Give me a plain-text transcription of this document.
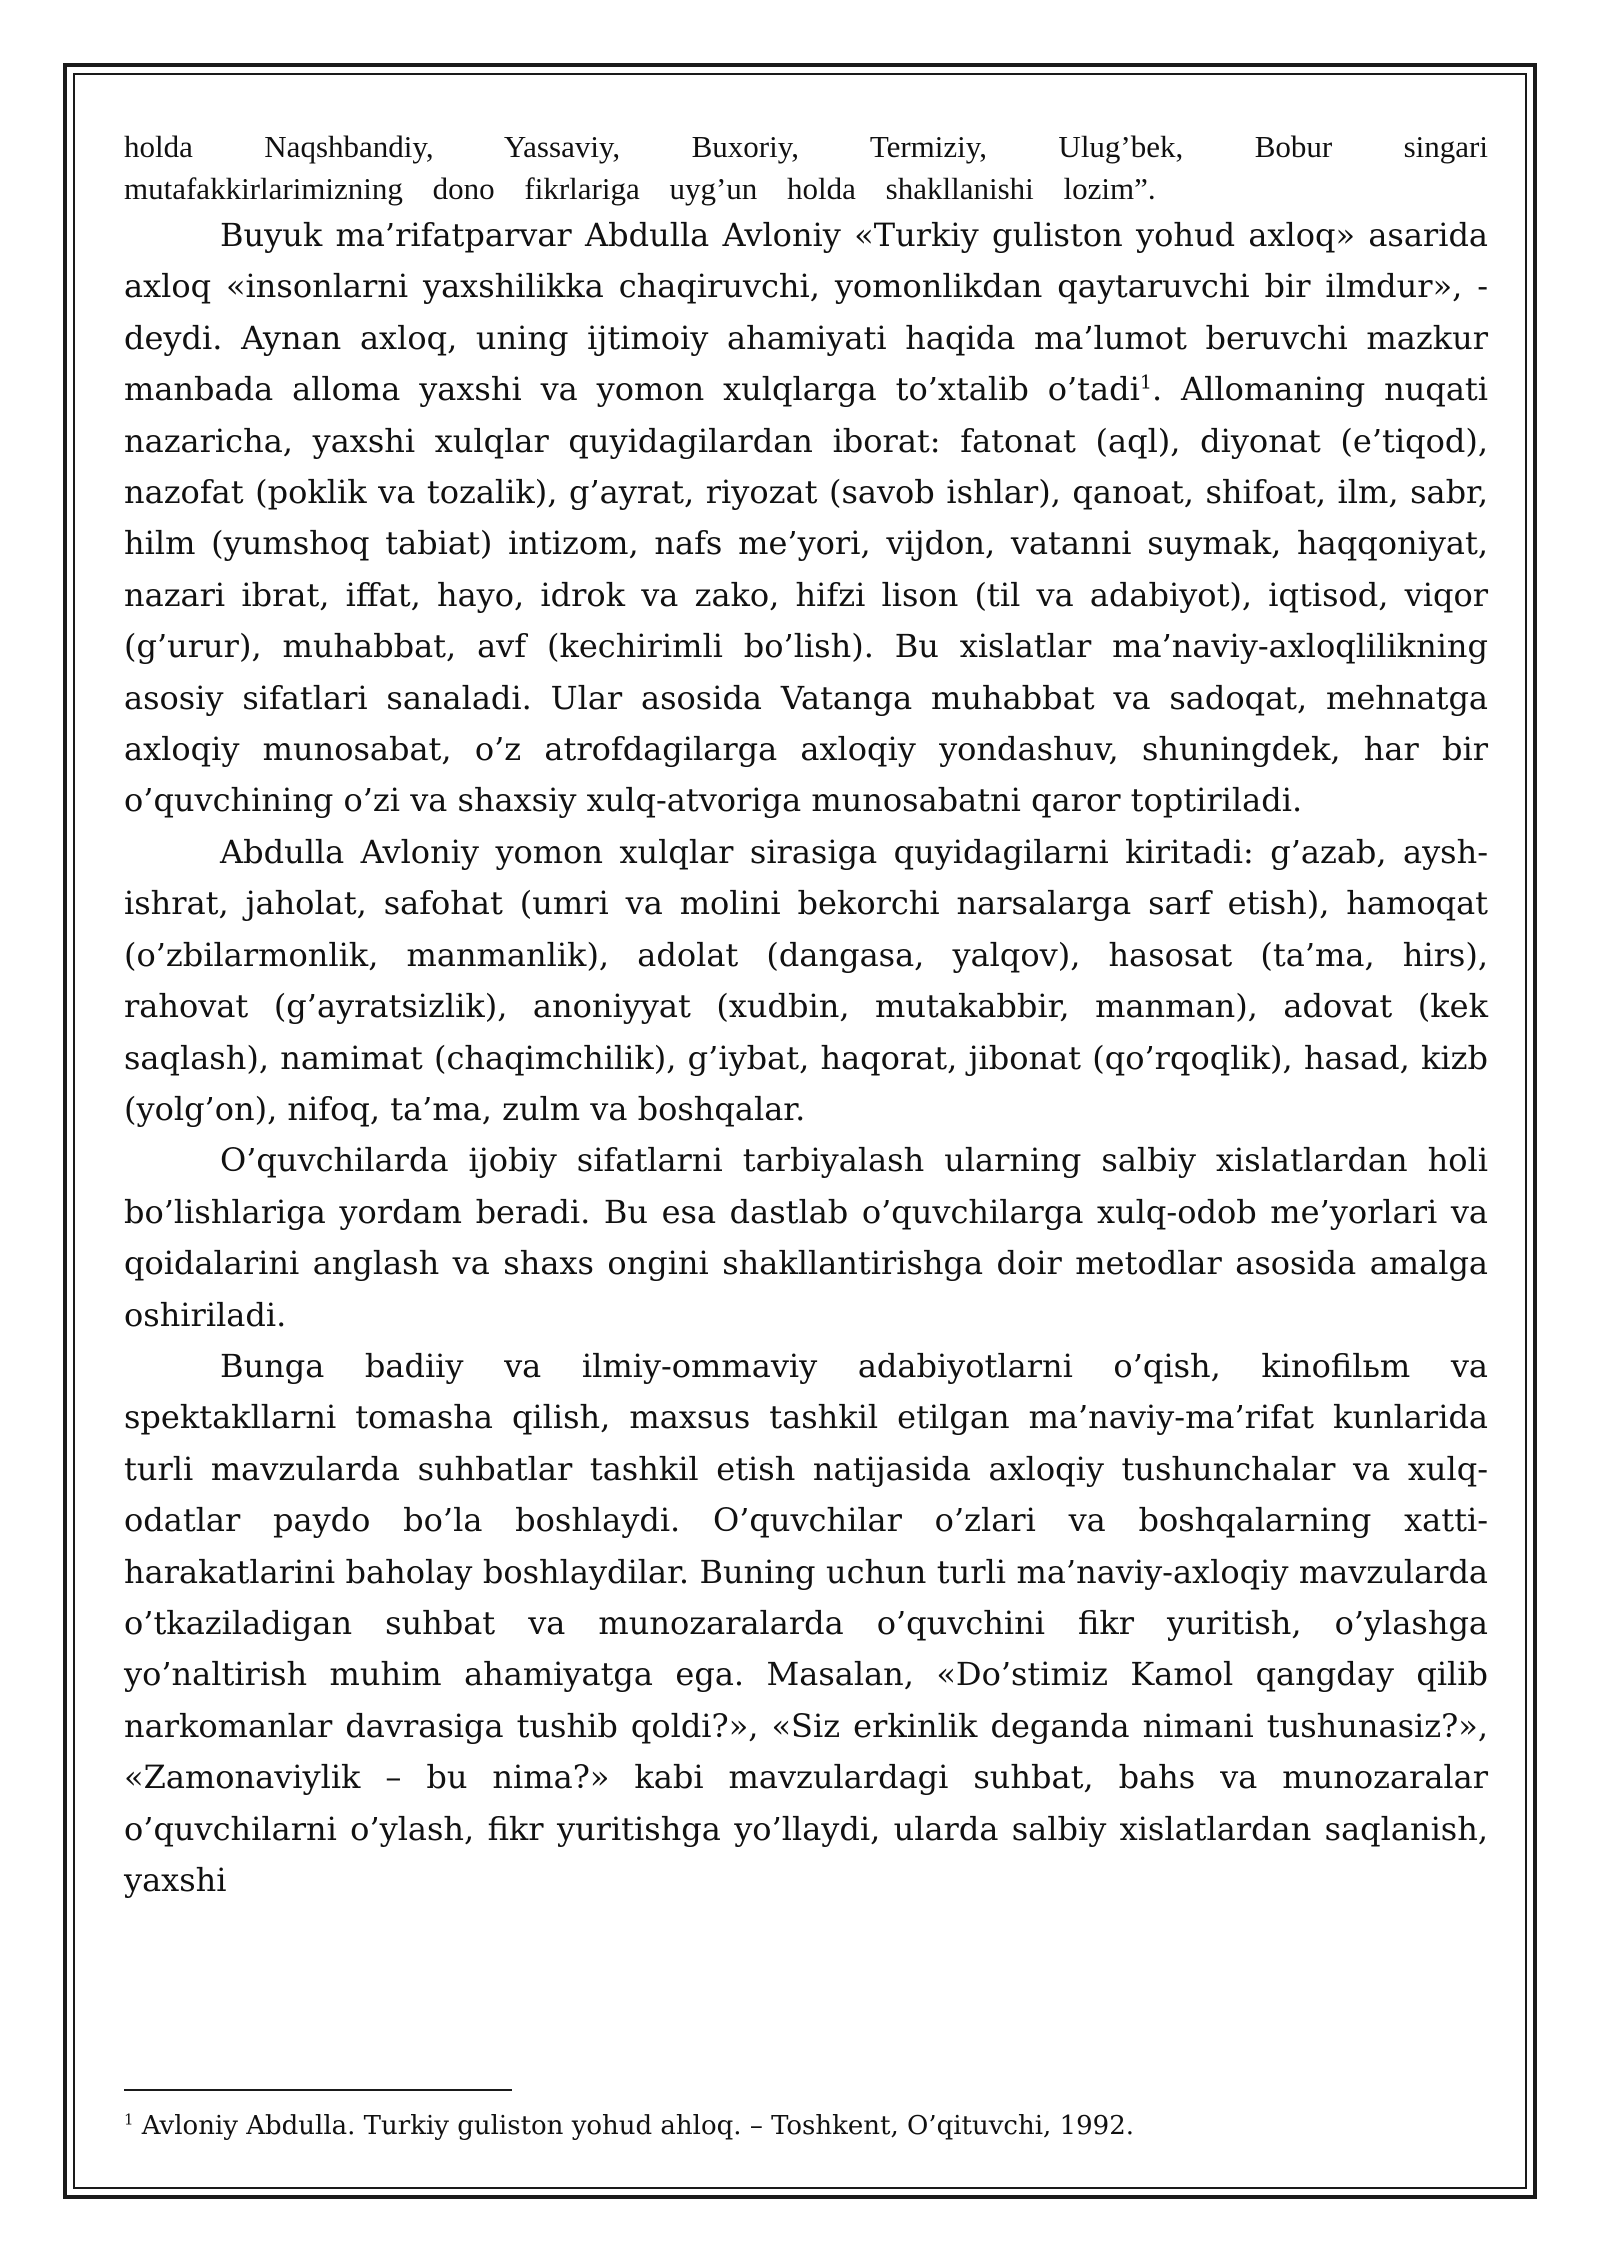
holda Naqshbandiy, Yassaviy, Buxoriy, Termiziy, Ulug’bek, Bobur singari

mutafakkirlarimizning dono fikrlariga uyg’un holda shakllanishi lozim”.

Buyuk ma’rifatparvar Abdulla Avloniy «Turkiy guliston yohud axloq» asarida axloq «insonlarni yaxshilikka chaqiruvchi, yomonlikdan qaytaruvchi bir ilmdur», - deydi. Aynan axloq, uning ijtimoiy ahamiyati haqida ma’lumot beruvchi mazkur manbada alloma yaxshi va yomon xulqlarga to’xtalib o’tadi$^1$. Allomaning nuqati nazaricha, yaxshi xulqlar quyidagilardan iborat: fatonat (aql), diyonat (e’tiqod), nazofat (poklik va tozalik), g’ayrat, riyozat (savob ishlar), qanoat, shifoat, ilm, sabr, hilm (yumshoq tabiat) intizom, nafs me’yori, vijdon, vatanni suymak, haqqoniyat, nazari ibrat, iffat, hayo, idrok va zako, hifzi lison (til va adabiyot), iqtisod, viqor (g’urur), muhabbat, avf (kechirimli bo’lish). Bu xislatlar ma’naviy-axloqlilikning asosiy sifatlari sanaladi. Ular asosida Vatanga muhabbat va sadoqat, mehnatga axloqiy munosabat, o’z atrofdagilarga axloqiy yondashuv, shuningdek, har bir o’quvchining o’zi va shaxsiy xulq-atvoriga munosabatni qaror toptiriladi.

Abdulla Avloniy yomon xulqlar sirasiga quyidagilarni kiritadi: g’azab, aysh-ishrat, jaholat, safohat (umri va molini bekorchi narsalarga sarf etish), hamoqat (o’zbilarmonlik, manmanlik), adolat (dangasa, yalqov), hasosat (ta’ma, hirs), rahovat (g’ayratsizlik), anoniyyat (xudbin, mutakabbir, manman), adovat (kek saqlash), namimat (chaqimchilik), g’iybat, haqorat, jibonat (qo’rqoqlik), hasad, kizb (yolg’on), nifoq, ta’ma, zulm va boshqalar.

O’quvchilarda ijobiy sifatlarni tarbiyalash ularning salbiy xislatlardan holi bo’lishlariga yordam beradi. Bu esa dastlab o’quvchilarga xulq-odob me’yorlari va qoidalarini anglash va shaxs ongini shakllantirishga doir metodlar asosida amalga oshiriladi.

Bunga badiiy va ilmiy-ommaviy adabiyotlarni o’qish, kinofilьm va spektakllarni tomasha qilish, maxsus tashkil etilgan ma’naviy-ma’rifat kunlarida turli mavzularda suhbatlar tashkil etish natijasida axloqiy tushunchalar va xulq-odatlar paydo bo’la boshlaydi. O’quvchilar o’zlari va boshqalarning xatti-harakatlarini baholay boshlaydilar. Buning uchun turli ma’naviy-axloqiy mavzularda o’tkaziladigan suhbat va munozaralarda o’quvchini fikr yuritish, o’ylashga yo’naltirish muhim ahamiyatga ega. Masalan, «Do’stimiz Kamol qangday qilib narkomanlar davrasiga tushib qoldi?», «Siz erkinlik deganda nimani tushunasiz?», «Zamonaviylik – bu nima?» kabi mavzulardagi suhbat, bahs va munozaralar o’quvchilarni o’ylash, fikr yuritishga yo’llaydi, ularda salbiy xislatlardan saqlanish, yaxshi

$^1$ Avloniy Abdulla. Turkiy guliston yohud ahloq. – Toshkent, O’qituvchi, 1992.
